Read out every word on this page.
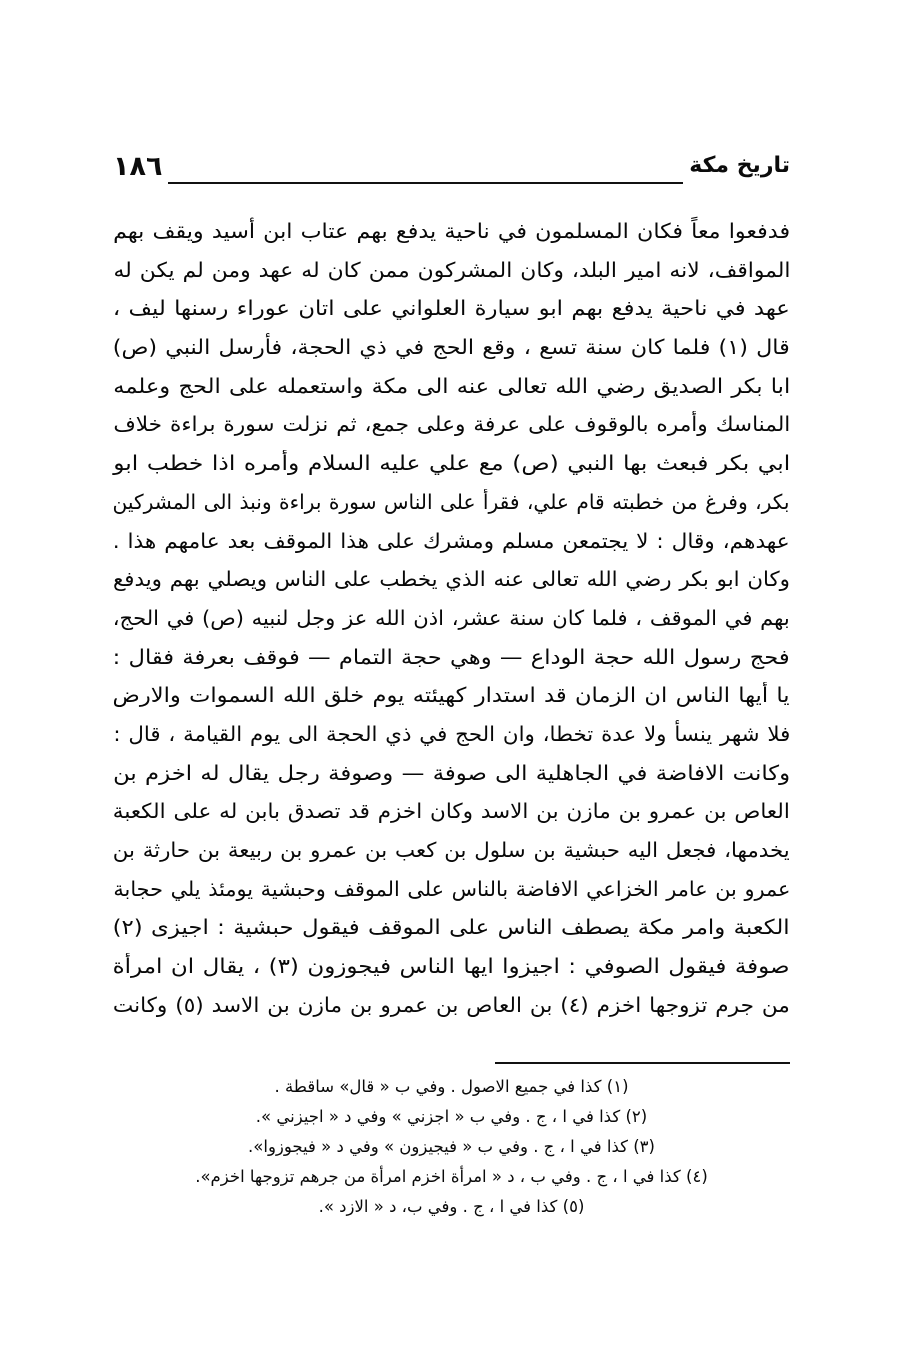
١٨٦	تاريخ مكة
فدفعوا معاً فكان المسلمون في ناحية يدفع بهم عتاب ابن أسيد ويقف بهم
المواقف، لانه امير البلد، وكان المشركون ممن كان له عهد ومن لم يكن له
عهد في ناحية يدفع بهم ابو سيارة العلواني على اتان عوراء رسنها ليف ،
قال (١) فلما كان سنة تسع ، وقع الحج في ذي الحجة، فأرسل النبي (ص)
ابا بكر الصديق رضي الله تعالى عنه الى مكة واستعمله على الحج وعلمه
المناسك وأمره بالوقوف على عرفة وعلى جمع، ثم نزلت سورة براءة خلاف
ابي بكر فبعث بها النبي (ص) مع علي عليه السلام وأمره اذا خطب ابو
بكر، وفرغ من خطبته قام علي، فقرأ على الناس سورة براءة ونبذ الى المشركين
عهدهم، وقال : لا يجتمعن مسلم ومشرك على هذا الموقف بعد عامهم هذا .
وكان ابو بكر رضي الله تعالى عنه الذي يخطب على الناس ويصلي بهم ويدفع
بهم في الموقف ، فلما كان سنة عشر، اذن الله عز وجل لنبيه (ص) في الحج،
فحج رسول الله حجة الوداع — وهي حجة التمام — فوقف بعرفة فقال :
يا أيها الناس ان الزمان قد استدار كهيئته يوم خلق الله السموات والارض
فلا شهر ينسأ ولا عدة تخطا، وان الحج في ذي الحجة الى يوم القيامة ، قال :
وكانت الافاضة في الجاهلية الى صوفة — وصوفة رجل يقال له اخزم بن
العاص بن عمرو بن مازن بن الاسد وكان اخزم قد تصدق بابن له على الكعبة
يخدمها، فجعل اليه حبشية بن سلول بن كعب بن عمرو بن ربيعة بن حارثة بن
عمرو بن عامر الخزاعي الافاضة بالناس على الموقف وحبشية يومئذ يلي حجابة
الكعبة وامر مكة يصطف الناس على الموقف فيقول حبشية : اجيزى (٢)
صوفة فيقول الصوفي : اجيزوا ايها الناس فيجوزون (٣) ، يقال ان امرأة
من جرم تزوجها اخزم (٤) بن العاص بن عمرو بن مازن بن الاسد (٥) وكانت
(١) كذا في جميع الاصول . وفي ب « قال» ساقطة .
(٢) كذا في ا ، ج . وفي ب « اجزني » وفي د « اجيزني ».
(٣) كذا في ا ، ج . وفي ب « فيجيزون » وفي د « فيجوزوا».
(٤) كذا في ا ، ج . وفي ب ، د « امرأة اخزم امرأة من جرهم تزوجها اخزم».
(٥) كذا في ا ، ج . وفي ب، د « الازد ».
